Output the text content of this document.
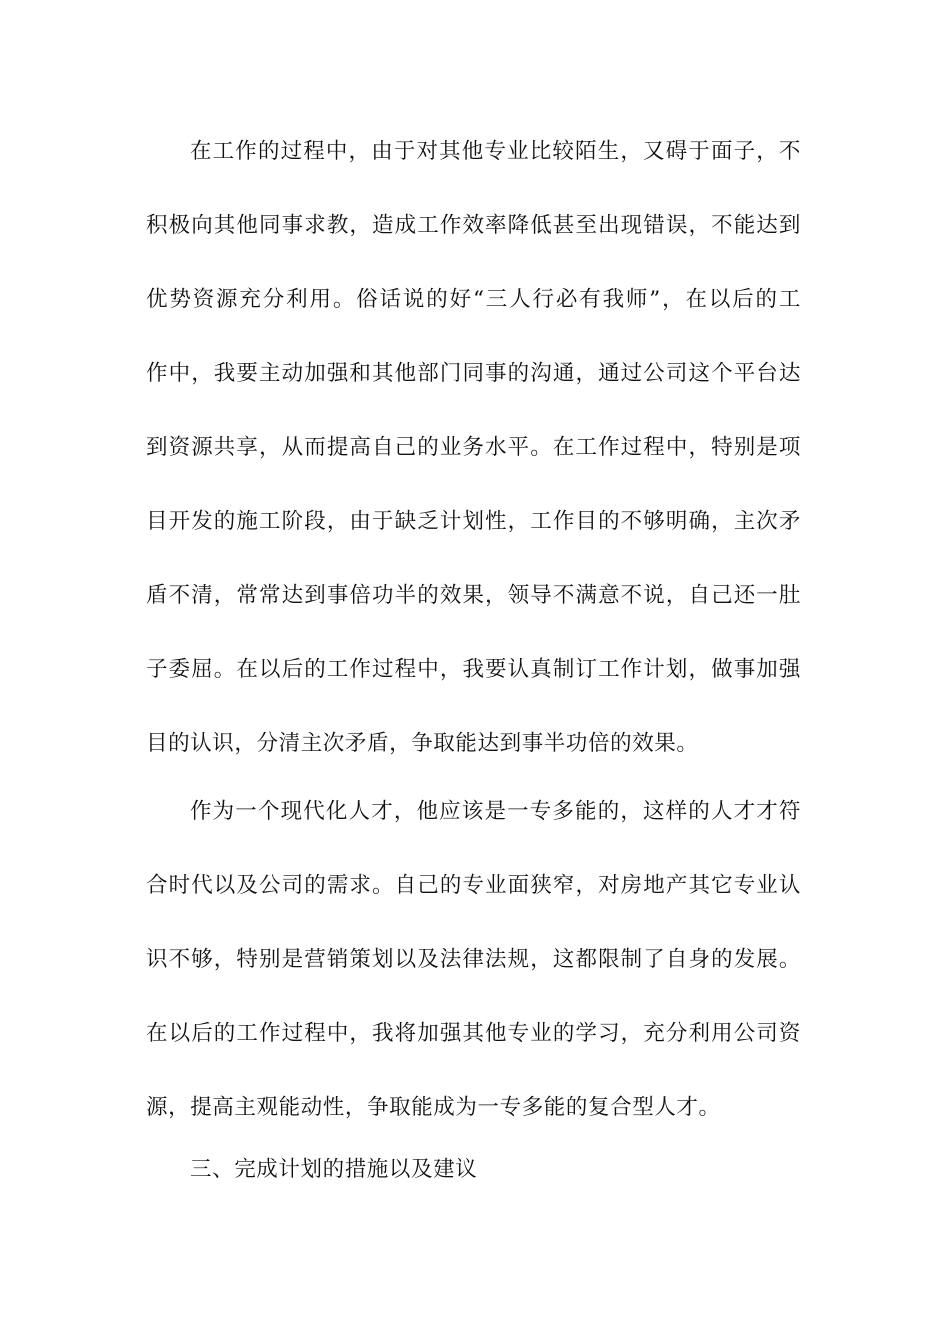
在工作的过程中，由于对其他专业比较陌生，又碍于面子，不
积极向其他同事求教，造成工作效率降低甚至出现错误，不能达到
优势资源充分利用。俗话说的好“三人行必有我师”，在以后的工
作中，我要主动加强和其他部门同事的沟通，通过公司这个平台达
到资源共享，从而提高自己的业务水平。在工作过程中，特别是项
目开发的施工阶段，由于缺乏计划性，工作目的不够明确，主次矛
盾不清，常常达到事倍功半的效果，领导不满意不说，自己还一肚
子委屈。在以后的工作过程中，我要认真制订工作计划，做事加强
目的认识，分清主次矛盾，争取能达到事半功倍的效果。
作为一个现代化人才，他应该是一专多能的，这样的人才才符
合时代以及公司的需求。自己的专业面狭窄，对房地产其它专业认
识不够，特别是营销策划以及法律法规，这都限制了自身的发展。
在以后的工作过程中，我将加强其他专业的学习，充分利用公司资
源，提高主观能动性，争取能成为一专多能的复合型人才。
三、完成计划的措施以及建议
